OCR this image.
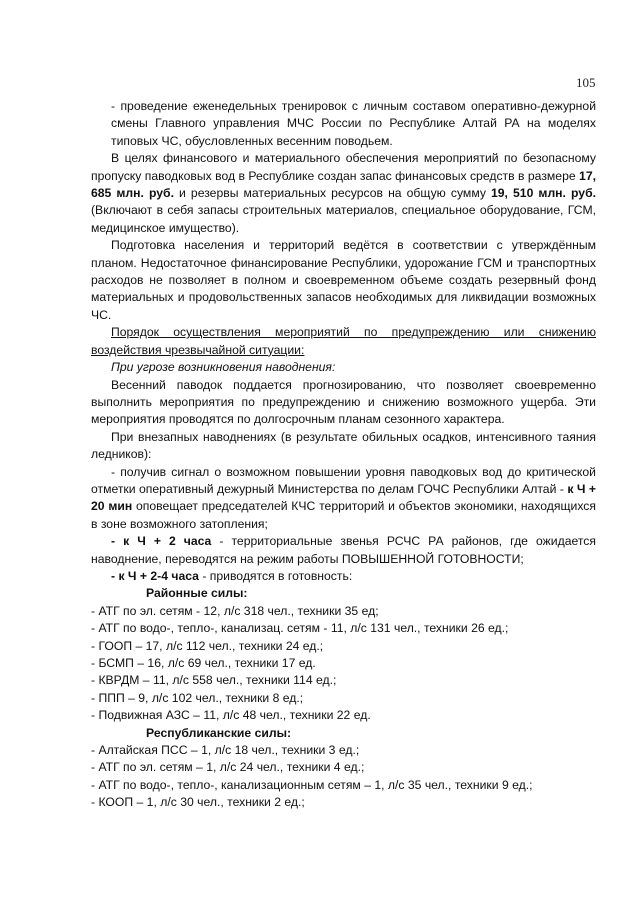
105

- проведение еженедельных тренировок с личным составом оперативно-дежурной смены Главного управления МЧС России по Республике Алтай РА на моделях типовых ЧС, обусловленных весенним поводьем.

В целях финансового и материального обеспечения мероприятий по безопасному пропуску паводковых вод в Республике создан запас финансовых средств в размере 17, 685 млн. руб. и резервы материальных ресурсов на общую сумму 19, 510 млн. руб. (Включают в себя запасы строительных материалов, специальное оборудование, ГСМ, медицинское имущество).

Подготовка населения и территорий ведётся в соответствии с утверждённым планом. Недостаточное финансирование Республики, удорожание ГСМ и транспортных расходов не позволяет в полном и своевременном объеме создать резервный фонд материальных и продовольственных запасов необходимых для ликвидации возможных ЧС.

Порядок осуществления мероприятий по предупреждению или снижению воздействия чрезвычайной ситуации:

При угрозе возникновения наводнения:

Весенний паводок поддается прогнозированию, что позволяет своевременно выполнить мероприятия по предупреждению и снижению возможного ущерба. Эти мероприятия проводятся по долгосрочным планам сезонного характера.

При внезапных наводнениях (в результате обильных осадков, интенсивного таяния ледников):

- получив сигнал о возможном повышении уровня паводковых вод до критической отметки оперативный дежурный Министерства по делам ГОЧС Республики Алтай - к Ч + 20 мин оповещает председателей КЧС территорий и объектов экономики, находящихся в зоне возможного затопления;

- к Ч + 2 часа - территориальные звенья РСЧС РА районов, где ожидается наводнение, переводятся на режим работы ПОВЫШЕННОЙ ГОТОВНОСТИ;

- к Ч + 2-4 часа - приводятся в готовность:

Районные силы:

- АТГ по эл. сетям - 12, л/с 318 чел., техники 35 ед;

- АТГ по водо-, тепло-, канализац. сетям - 11, л/с 131 чел., техники 26 ед.;

- ГООП – 17, л/с 112 чел., техники 24 ед.;

- БСМП – 16, л/с 69 чел., техники 17 ед.

- КВРДМ – 11, л/с 558 чел., техники 114 ед.;

- ППП – 9, л/с 102 чел., техники 8 ед.;

- Подвижная АЗС – 11, л/с 48 чел., техники 22 ед.

Республиканские силы:

- Алтайская ПСС – 1, л/с 18 чел., техники 3 ед.;

- АТГ по эл. сетям – 1, л/с 24 чел., техники 4 ед.;

- АТГ по водо-, тепло-, канализационным сетям – 1, л/с 35 чел., техники 9 ед.;

- КООП – 1, л/с 30 чел., техники 2 ед.;
